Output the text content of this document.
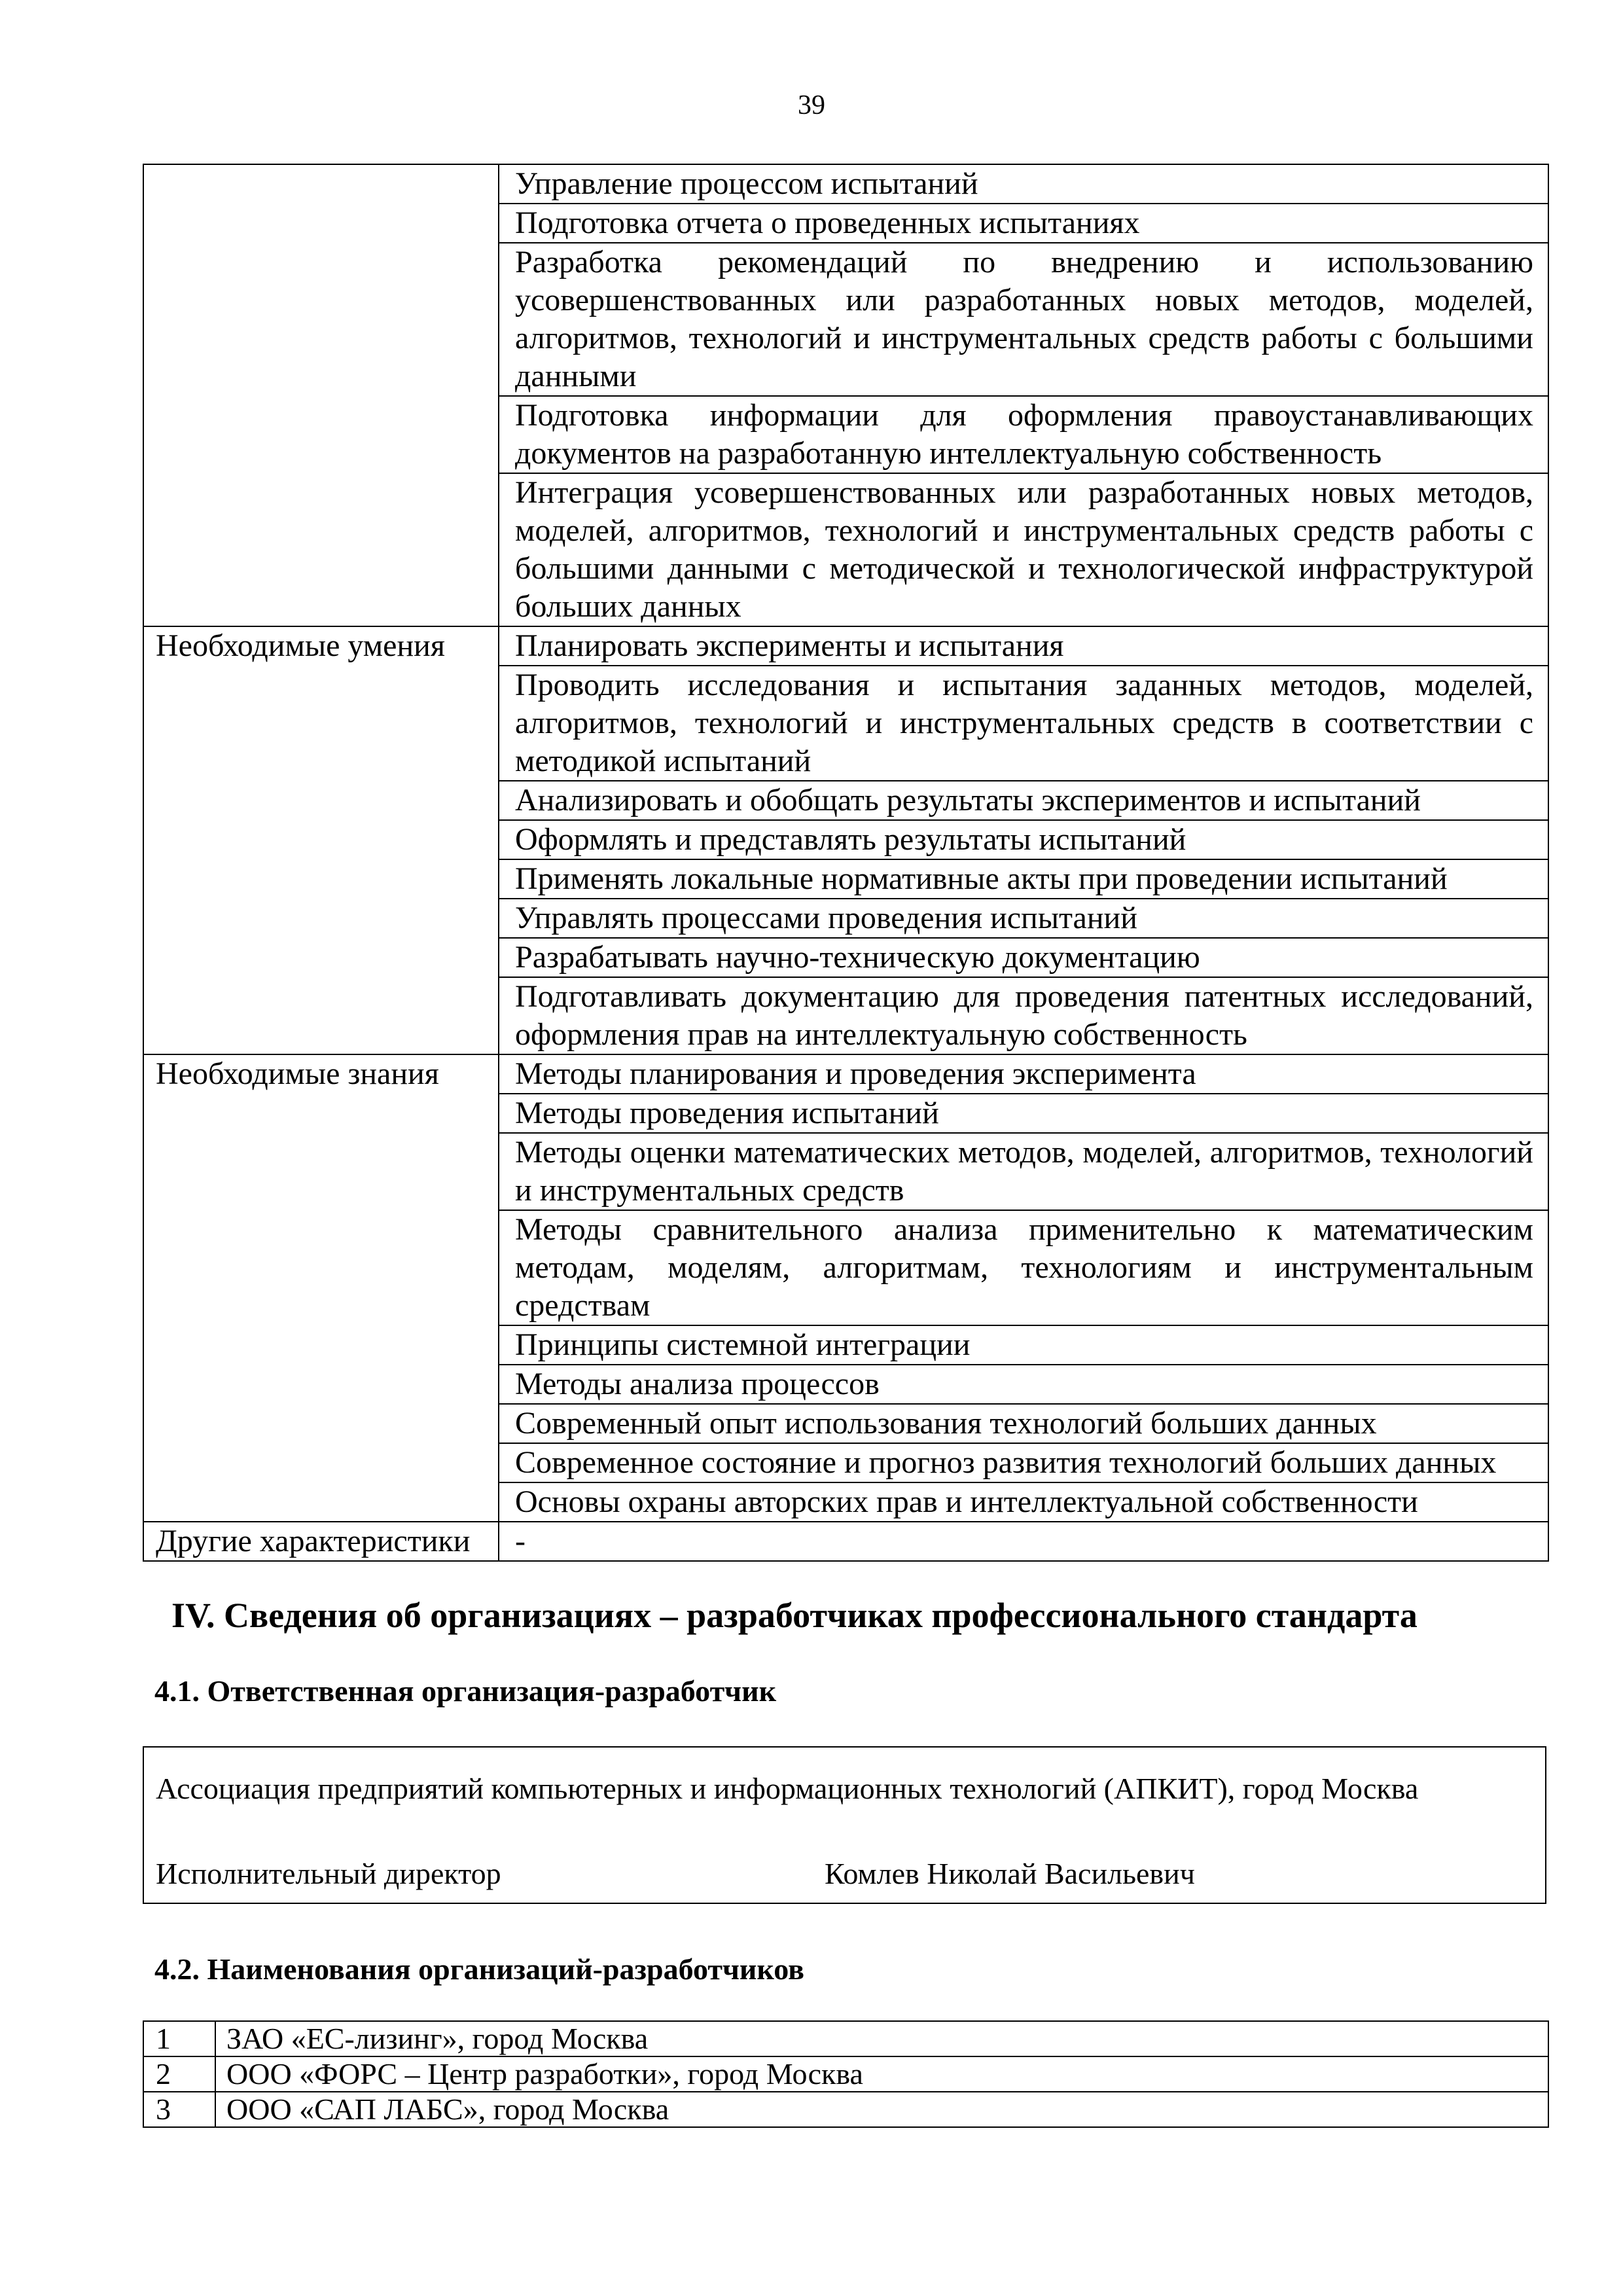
39
	Управление процессом испытаний
	Подготовка отчета о проведенных испытаниях
	Разработка рекомендаций по внедрению и использованию усовершенствованных или разработанных новых методов, моделей, алгоритмов, технологий и инструментальных средств работы с большими данными
	Подготовка информации для оформления правоустанавливающих документов на разработанную интеллектуальную собственность
	Интеграция усовершенствованных или разработанных новых методов, моделей, алгоритмов, технологий и инструментальных средств работы с большими данными с методической и технологической инфраструктурой больших данных
Необходимые умения	Планировать эксперименты и испытания
	Проводить исследования и испытания заданных методов, моделей, алгоритмов, технологий и инструментальных средств в соответствии с методикой испытаний
	Анализировать и обобщать результаты экспериментов и испытаний
	Оформлять и представлять результаты испытаний
	Применять локальные нормативные акты при проведении испытаний
	Управлять процессами проведения испытаний
	Разрабатывать научно-техническую документацию
	Подготавливать документацию для проведения патентных исследований, оформления прав на интеллектуальную собственность
Необходимые знания	Методы планирования и проведения эксперимента
	Методы проведения испытаний
	Методы оценки математических методов, моделей, алгоритмов, технологий и инструментальных средств
	Методы сравнительного анализа применительно к математическим методам, моделям, алгоритмам, технологиям и инструментальным средствам
	Принципы системной интеграции
	Методы анализа процессов
	Современный опыт использования технологий больших данных
	Современное состояние и прогноз развития технологий больших данных
	Основы охраны авторских прав и интеллектуальной собственности
Другие характеристики	-
IV. Сведения об организациях – разработчиках профессионального стандарта
4.1. Ответственная организация-разработчик
Ассоциация предприятий компьютерных и информационных технологий (АПКИТ), город Москва
Исполнительный директор	Комлев Николай Васильевич
4.2. Наименования организаций-разработчиков
1	ЗАО «ЕС-лизинг», город Москва
2	ООО «ФОРС – Центр разработки», город Москва
3	ООО «САП ЛАБС», город Москва
